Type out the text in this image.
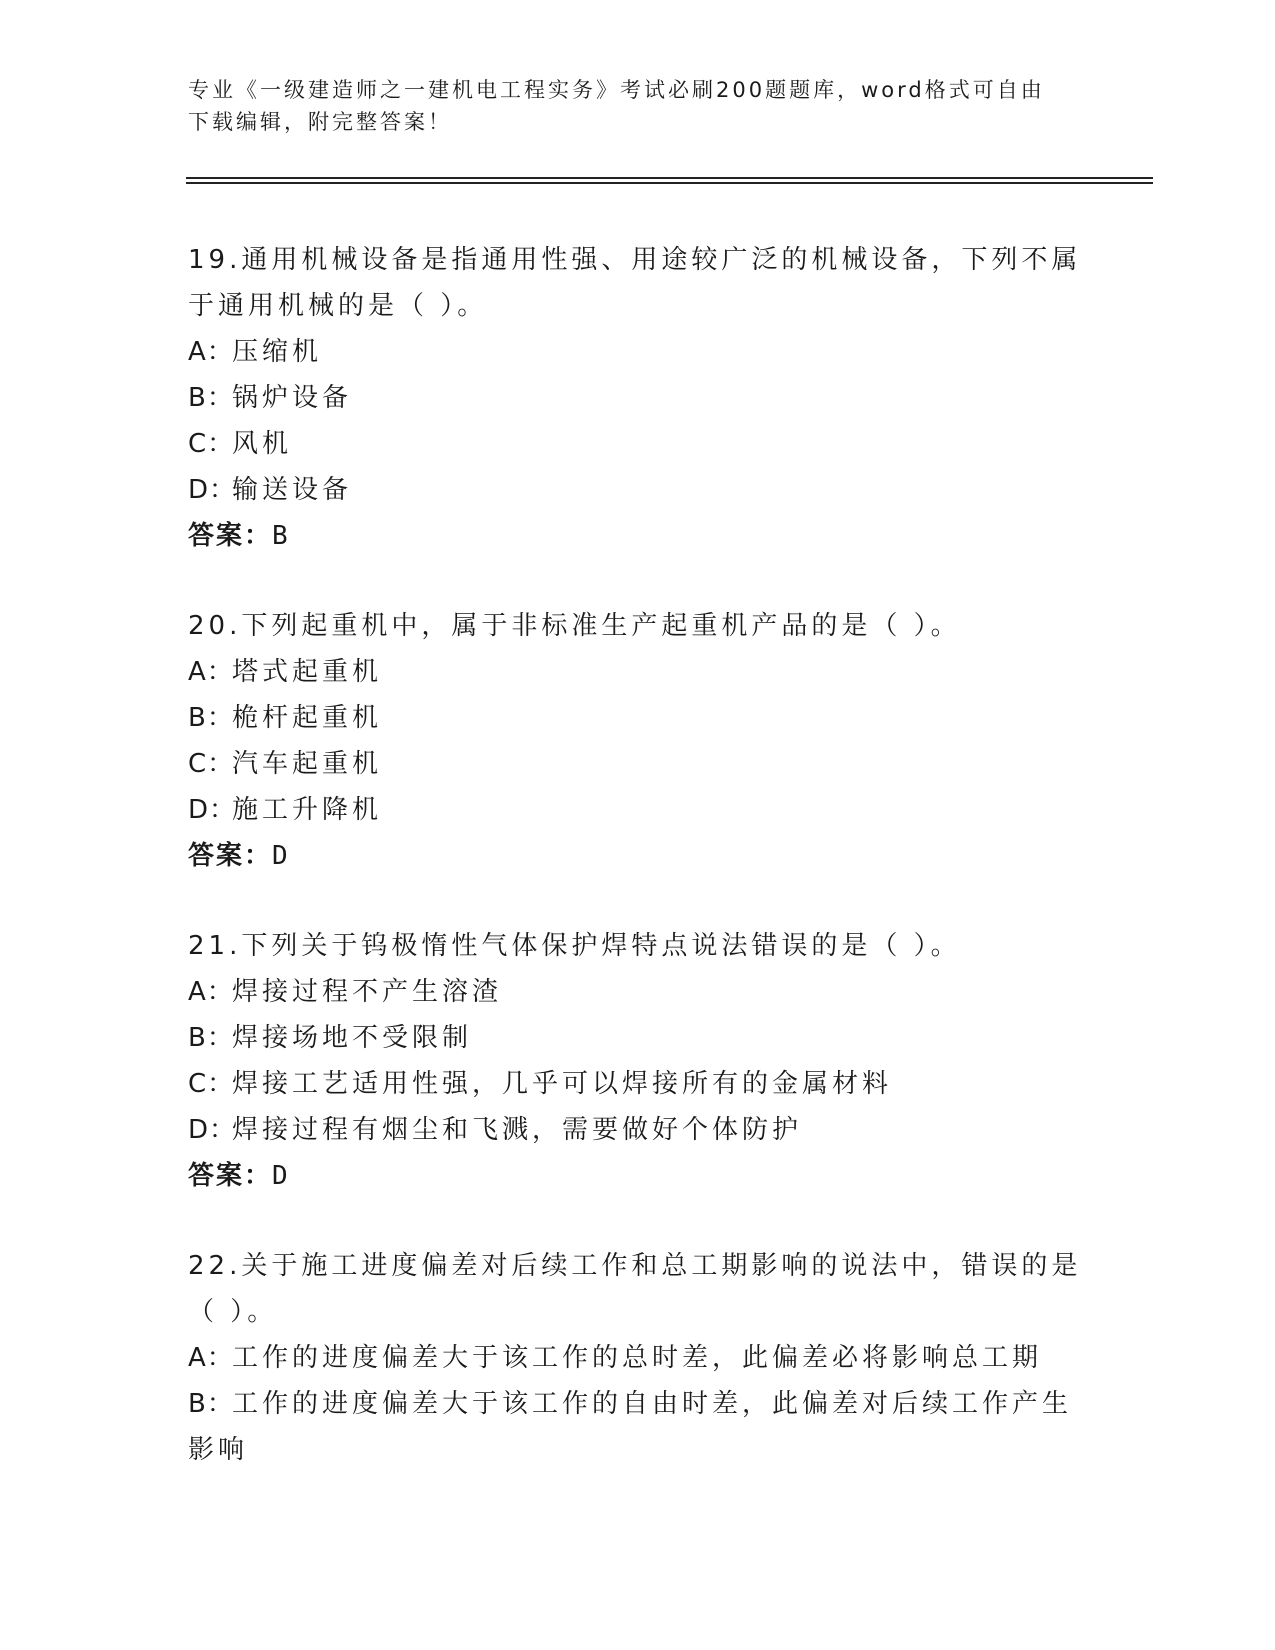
专业《一级建造师之一建机电工程实务》考试必刷200题题库，word格式可自由
下载编辑，附完整答案！
19.通用机械设备是指通用性强、用途较广泛的机械设备，下列不属于通用机械的是（ ）。
A：压缩机
B：锅炉设备
C：风机
D：输送设备
答案：B
20.下列起重机中，属于非标准生产起重机产品的是（ ）。
A：塔式起重机
B：桅杆起重机
C：汽车起重机
D：施工升降机
答案：D
21.下列关于钨极惰性气体保护焊特点说法错误的是（ ）。
A：焊接过程不产生溶渣
B：焊接场地不受限制
C：焊接工艺适用性强，几乎可以焊接所有的金属材料
D：焊接过程有烟尘和飞溅，需要做好个体防护
答案：D
22.关于施工进度偏差对后续工作和总工期影响的说法中，错误的是（ ）。
A：工作的进度偏差大于该工作的总时差，此偏差必将影响总工期
B：工作的进度偏差大于该工作的自由时差，此偏差对后续工作产生影响
